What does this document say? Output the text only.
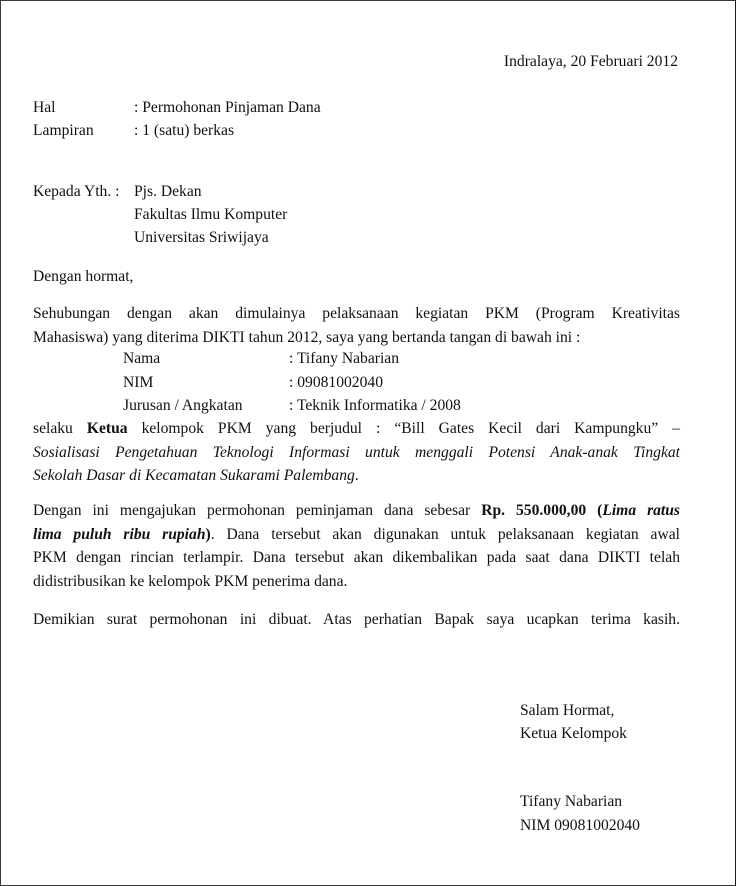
Indralaya, 20 Februari 2012
Hal	: Permohonan Pinjaman Dana
Lampiran	: 1 (satu) berkas
Kepada Yth. : Pjs. Dekan
Fakultas Ilmu Komputer
Universitas Sriwijaya
Dengan hormat,
Sehubungan dengan akan dimulainya pelaksanaan kegiatan PKM (Program Kreativitas
Mahasiswa) yang diterima DIKTI tahun 2012, saya yang bertanda tangan di bawah ini :
Nama	: Tifany Nabarian
NIM	: 09081002040
Jurusan / Angkatan	: Teknik Informatika / 2008
selaku Ketua kelompok PKM yang berjudul : “Bill Gates Kecil dari Kampungku” –
Sosialisasi Pengetahuan Teknologi Informasi untuk menggali Potensi Anak-anak Tingkat
Sekolah Dasar di Kecamatan Sukarami Palembang.
Dengan ini mengajukan permohonan peminjaman dana sebesar Rp. 550.000,00 (Lima ratus
lima puluh ribu rupiah). Dana tersebut akan digunakan untuk pelaksanaan kegiatan awal
PKM dengan rincian terlampir. Dana tersebut akan dikembalikan pada saat dana DIKTI telah
didistribusikan ke kelompok PKM penerima dana.
Demikian surat permohonan ini dibuat. Atas perhatian Bapak saya ucapkan terima kasih.
Salam Hormat,
Ketua Kelompok
Tifany Nabarian
NIM 09081002040
